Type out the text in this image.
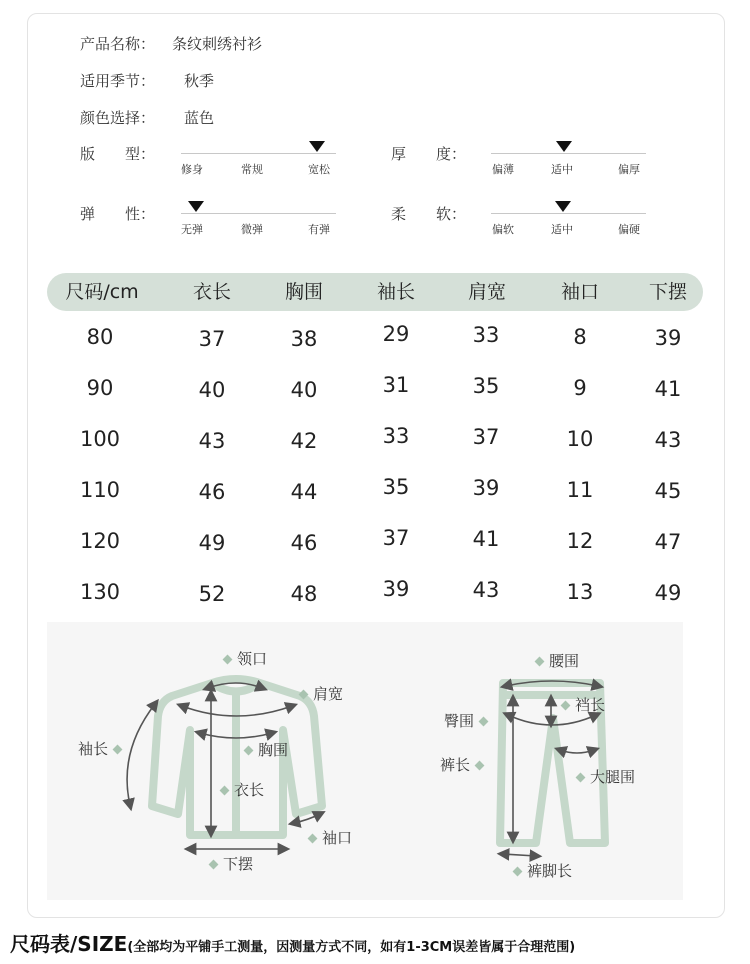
产品名称： 条纹刺绣衬衫
适用季节： 秋季
颜色选择： 蓝色
版　　型：
修身	常规	宽松
厚　　度：
偏薄	适中	偏厚
弹　　性：
无弹	微弹	有弹
柔　　软：
偏软	适中	偏硬
尺码/cm	衣长	胸围	袖长	肩宽	袖口	下摆
80	37	38	29	33	8	39
90	40	40	31	35	9	41
100	43	42	33	37	10	43
110	46	44	35	39	11	45
120	49	46	37	41	12	47
130	52	48	39	43	13	49
领口
肩宽
袖长	胸围
衣长
袖口
下摆
腰围
裆长
臀围
裤长
大腿围
裤脚长
尺码表/SIZE(全部均为平铺手工测量，因测量方式不同，如有1-3CM误差皆属于合理范围)
